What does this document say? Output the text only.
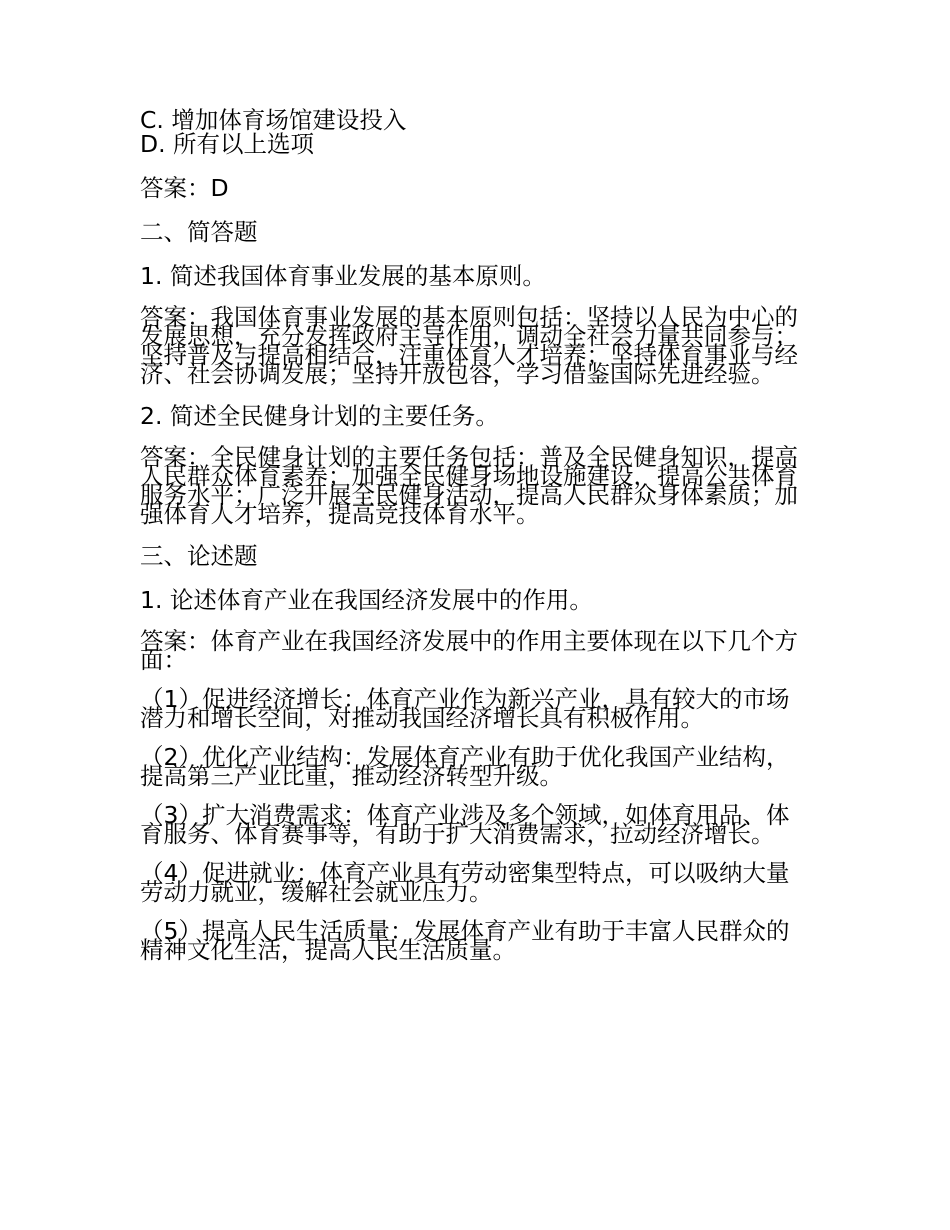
C. 增加体育场馆建设投入

D. 所有以上选项

答案：D

二、简答题

1. 简述我国体育事业发展的基本原则。

答案：我国体育事业发展的基本原则包括：坚持以人民为中心的发展思想，充分发挥政府主导作用，调动全社会力量共同参与；坚持普及与提高相结合，注重体育人才培养；坚持体育事业与经济、社会协调发展；坚持开放包容，学习借鉴国际先进经验。

2. 简述全民健身计划的主要任务。

答案：全民健身计划的主要任务包括：普及全民健身知识，提高人民群众体育素养；加强全民健身场地设施建设，提高公共体育服务水平；广泛开展全民健身活动，提高人民群众身体素质；加强体育人才培养，提高竞技体育水平。

三、论述题

1. 论述体育产业在我国经济发展中的作用。

答案：体育产业在我国经济发展中的作用主要体现在以下几个方面：

（1）促进经济增长：体育产业作为新兴产业，具有较大的市场潜力和增长空间，对推动我国经济增长具有积极作用。

（2）优化产业结构：发展体育产业有助于优化我国产业结构，提高第三产业比重，推动经济转型升级。

（3）扩大消费需求：体育产业涉及多个领域，如体育用品、体育服务、体育赛事等，有助于扩大消费需求，拉动经济增长。

（4）促进就业：体育产业具有劳动密集型特点，可以吸纳大量劳动力就业，缓解社会就业压力。

（5）提高人民生活质量：发展体育产业有助于丰富人民群众的精神文化生活，提高人民生活质量。
